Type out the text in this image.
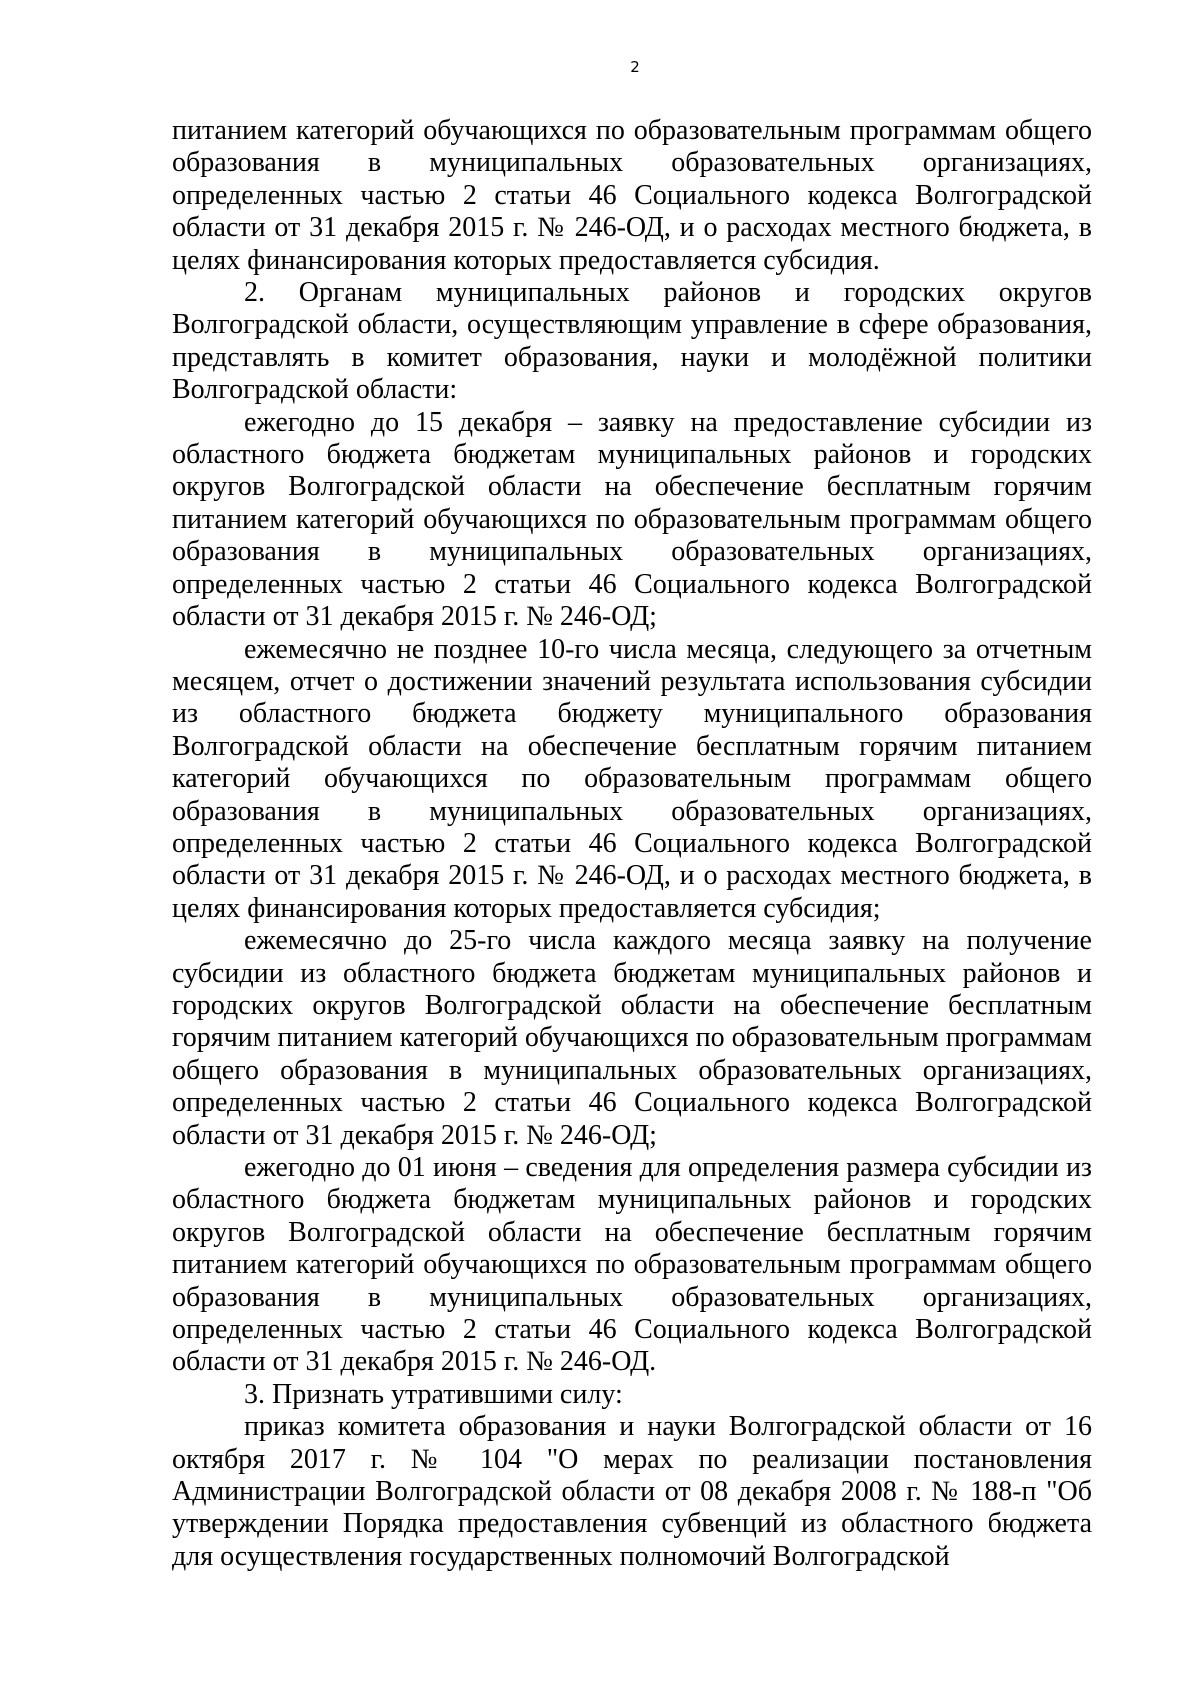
2

питанием категорий обучающихся по образовательным программам общего образования в муниципальных образовательных организациях, определенных частью 2 статьи 46 Социального кодекса Волгоградской области от 31 декабря 2015 г. № 246-ОД, и о расходах местного бюджета, в целях финансирования которых предоставляется субсидия.

2. Органам муниципальных районов и городских округов Волгоградской области, осуществляющим управление в сфере образования, представлять в комитет образования, науки и молодёжной политики Волгоградской области:

ежегодно до 15 декабря – заявку на предоставление субсидии из областного бюджета бюджетам муниципальных районов и городских округов Волгоградской области на обеспечение бесплатным горячим питанием категорий обучающихся по образовательным программам общего образования в муниципальных образовательных организациях, определенных частью 2 статьи 46 Социального кодекса Волгоградской области от 31 декабря 2015 г. № 246-ОД;

ежемесячно не позднее 10-го числа месяца, следующего за отчетным месяцем, отчет о достижении значений результата использования субсидии из областного бюджета бюджету муниципального образования Волгоградской области на обеспечение бесплатным горячим питанием категорий обучающихся по образовательным программам общего образования в муниципальных образовательных организациях, определенных частью 2 статьи 46 Социального кодекса Волгоградской области от 31 декабря 2015 г. № 246-ОД, и о расходах местного бюджета, в целях финансирования которых предоставляется субсидия;

ежемесячно до 25-го числа каждого месяца заявку на получение субсидии из областного бюджета бюджетам муниципальных районов и городских округов Волгоградской области на обеспечение бесплатным горячим питанием категорий обучающихся по образовательным программам общего образования в муниципальных образовательных организациях, определенных частью 2 статьи 46 Социального кодекса Волгоградской области от 31 декабря 2015 г. № 246-ОД;

ежегодно до 01 июня – сведения для определения размера субсидии из областного бюджета бюджетам муниципальных районов и городских округов Волгоградской области на обеспечение бесплатным горячим питанием категорий обучающихся по образовательным программам общего образования в муниципальных образовательных организациях, определенных частью 2 статьи 46 Социального кодекса Волгоградской области от 31 декабря 2015 г. № 246-ОД.

3. Признать утратившими силу:

приказ комитета образования и науки Волгоградской области от 16 октября 2017 г. № 104 "О мерах по реализации постановления Администрации Волгоградской области от 08 декабря 2008 г. № 188-п "Об утверждении Порядка предоставления субвенций из областного бюджета для осуществления государственных полномочий Волгоградской
